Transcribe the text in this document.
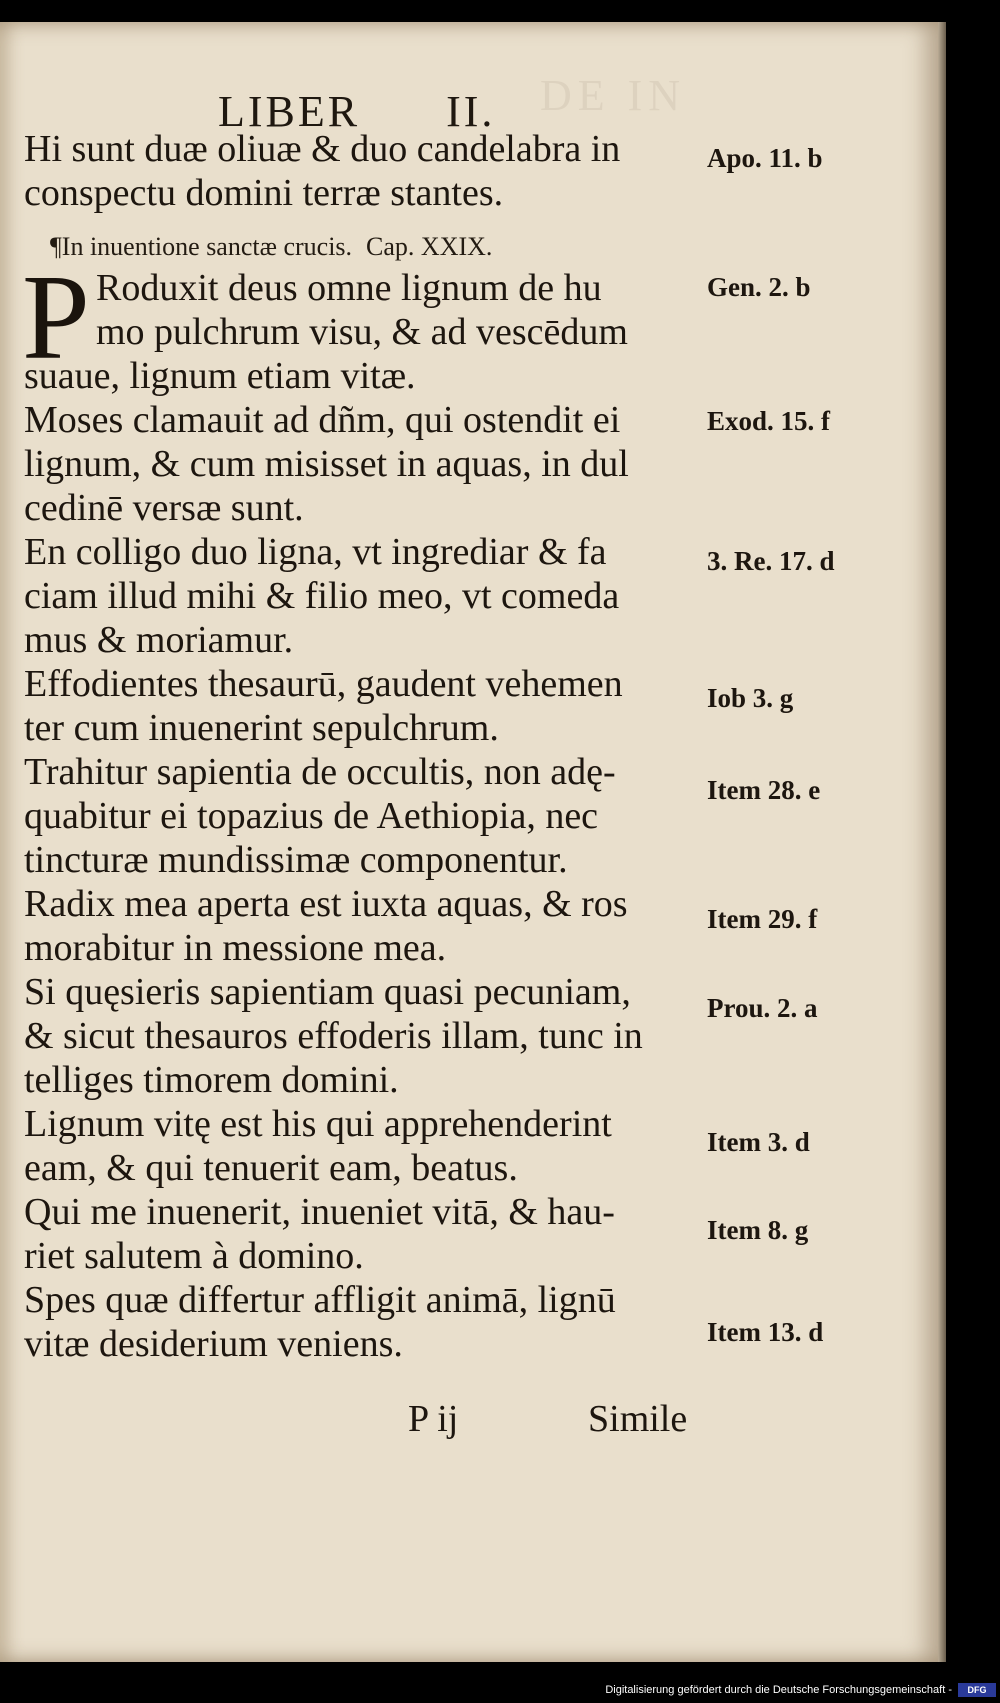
DE IN
LIBER II.
Hi sunt duæ oliuæ & duo candelabra in
conspectu domini terræ stantes.
¶In inuentione sanctæ crucis. Cap. XXIX.
P Roduxit deus omne lignum de hu
mo pulchrum visu, & ad vescēdum
suaue, lignum etiam vitæ.
Moses clamauit ad dñm, qui ostendit ei
lignum, & cum misisset in aquas, in dul
cedinē versæ sunt.
En colligo duo ligna, vt ingrediar & fa
ciam illud mihi & filio meo, vt comeda
mus & moriamur.
Effodientes thesaurū, gaudent vehemen
ter cum inuenerint sepulchrum.
Trahitur sapientia de occultis, non adę-
quabitur ei topazius de Aethiopia, nec
tincturæ mundissimæ componentur.
Radix mea aperta est iuxta aquas, & ros
morabitur in messione mea.
Si quęsieris sapientiam quasi pecuniam,
& sicut thesauros effoderis illam, tunc in
telliges timorem domini.
Lignum vitę est his qui apprehenderint
eam, & qui tenuerit eam, beatus.
Qui me inuenerit, inueniet vitā, & hau-
riet salutem à domino.
Spes quæ differtur affligit animā, lignū
vitæ desiderium veniens.
Apo. 11. b
Gen. 2. b
Exod. 15. f
3. Re. 17. d
Iob 3. g
Item 28. e
Item 29. f
Prou. 2. a
Item 3. d
Item 8. g
Item 13. d
P ij	Simile
Digitalisierung gefördert durch die Deutsche Forschungsgemeinschaft -	DFG
